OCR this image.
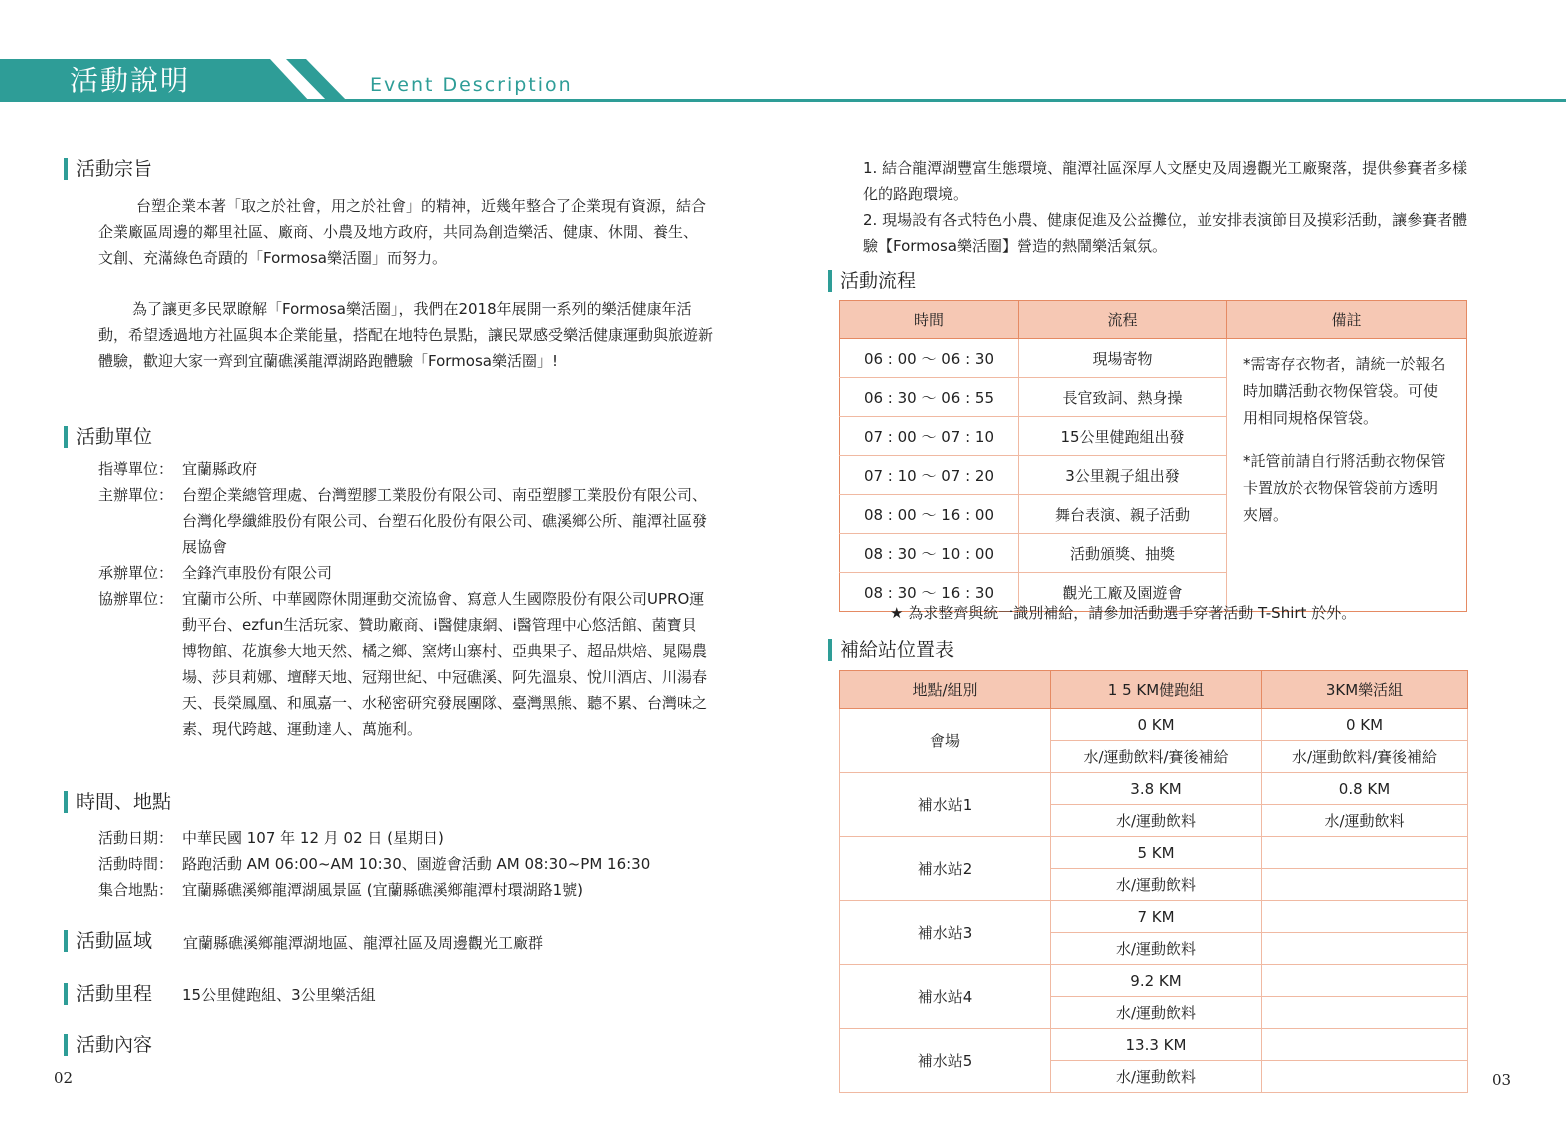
活動說明	Event Description
活動宗旨
台塑企業本著「取之於社會，用之於社會」的精神，近幾年整合了企業現有資源，結合企業廠區周邊的鄰里社區、廠商、小農及地方政府，共同為創造樂活、健康、休閒、養生、文創、充滿綠色奇蹟的「Formosa樂活圈」而努力。
為了讓更多民眾瞭解「Formosa樂活圈」，我們在2018年展開一系列的樂活健康年活動，希望透過地方社區與本企業能量，搭配在地特色景點，讓民眾感受樂活健康運動與旅遊新體驗，歡迎大家一齊到宜蘭礁溪龍潭湖路跑體驗「Formosa樂活圈」!
活動單位
指導單位： 宜蘭縣政府
主辦單位： 台塑企業總管理處、台灣塑膠工業股份有限公司、南亞塑膠工業股份有限公司、台灣化學纖維股份有限公司、台塑石化股份有限公司、礁溪鄉公所、龍潭社區發展協會
承辦單位： 全鋒汽車股份有限公司
協辦單位： 宜蘭市公所、中華國際休閒運動交流協會、寫意人生國際股份有限公司UPRO運動平台、ezfun生活玩家、贊助廠商、i醫健康網、i醫管理中心悠活館、菌寶貝博物館、花旗參大地天然、橘之鄉、窯烤山寨村、亞典果子、超品烘焙、晁陽農場、莎貝莉娜、壇酵天地、冠翔世紀、中冠礁溪、阿先溫泉、悅川酒店、川湯春天、長榮鳳凰、和風嘉一、水秘密研究發展團隊、臺灣黑熊、聽不累、台灣味之素、現代跨越、運動達人、萬施利。
時間、地點
活動日期： 中華民國 107 年 12 月 02 日 (星期日)
活動時間： 路跑活動 AM 06:00~AM 10:30、園遊會活動 AM 08:30~PM 16:30
集合地點： 宜蘭縣礁溪鄉龍潭湖風景區 (宜蘭縣礁溪鄉龍潭村環湖路1號)
活動區域 宜蘭縣礁溪鄉龍潭湖地區、龍潭社區及周邊觀光工廠群
活動里程 15公里健跑組、3公里樂活組
活動內容
02
1. 結合龍潭湖豐富生態環境、龍潭社區深厚人文歷史及周邊觀光工廠聚落，提供參賽者多樣化的路跑環境。
2. 現場設有各式特色小農、健康促進及公益攤位，並安排表演節目及摸彩活動，讓參賽者體驗【Formosa樂活圈】營造的熱鬧樂活氣氛。
活動流程
時間	流程	備註
06 : 00 ～ 06 : 30	現場寄物	*需寄存衣物者，請統一於報名時加購活動衣物保管袋。可使用相同規格保管袋。
*託管前請自行將活動衣物保管卡置放於衣物保管袋前方透明夾層。

06 : 30 ～ 06 : 55	長官致詞、熱身操	
07 : 00 ～ 07 : 10	15公里健跑組出發	
07 : 10 ～ 07 : 20	3公里親子組出發	
08 : 00 ～ 16 : 00	舞台表演、親子活動	
08 : 30 ～ 10 : 00	活動頒獎、抽獎	
08 : 30 ～ 16 : 30	觀光工廠及園遊會	
★ 為求整齊與統一識別補給，請參加活動選手穿著活動 T-Shirt 於外。
補給站位置表
地點/組別	1 5 KM健跑組	3KM樂活組
會場	0 KM	0 KM
	水/運動飲料/賽後補給	水/運動飲料/賽後補給
補水站1	3.8 KM	0.8 KM
	水/運動飲料	水/運動飲料
補水站2	5 KM	
	水/運動飲料	
補水站3	7 KM	
	水/運動飲料	
補水站4	9.2 KM	
	水/運動飲料	
補水站5	13.3 KM	
	水/運動飲料		03
